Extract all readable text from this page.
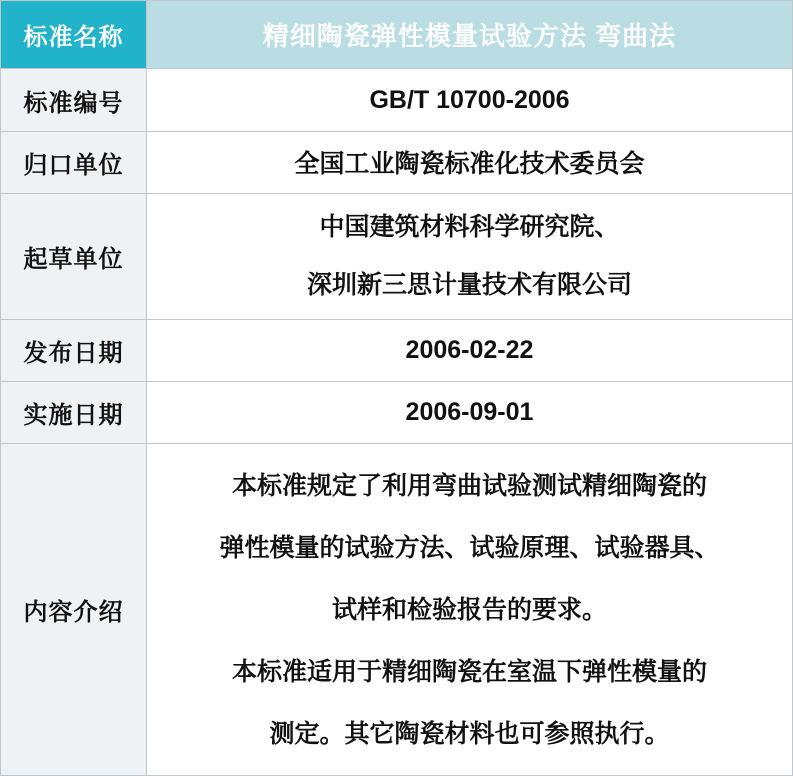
标准名称	精细陶瓷弹性模量试验方法 弯曲法
标准编号	GB/T 10700-2006
归口单位	全国工业陶瓷标准化技术委员会
起草单位	中国建筑材料科学研究院、
深圳新三思计量技术有限公司

发布日期	2006-02-22
实施日期	2006-09-01
内容介绍	本标准规定了利用弯曲试验测试精细陶瓷的

弹性模量的试验方法、试验原理、试验器具、

试样和检验报告的要求。

本标准适用于精细陶瓷在室温下弹性模量的

测定。其它陶瓷材料也可参照执行。
